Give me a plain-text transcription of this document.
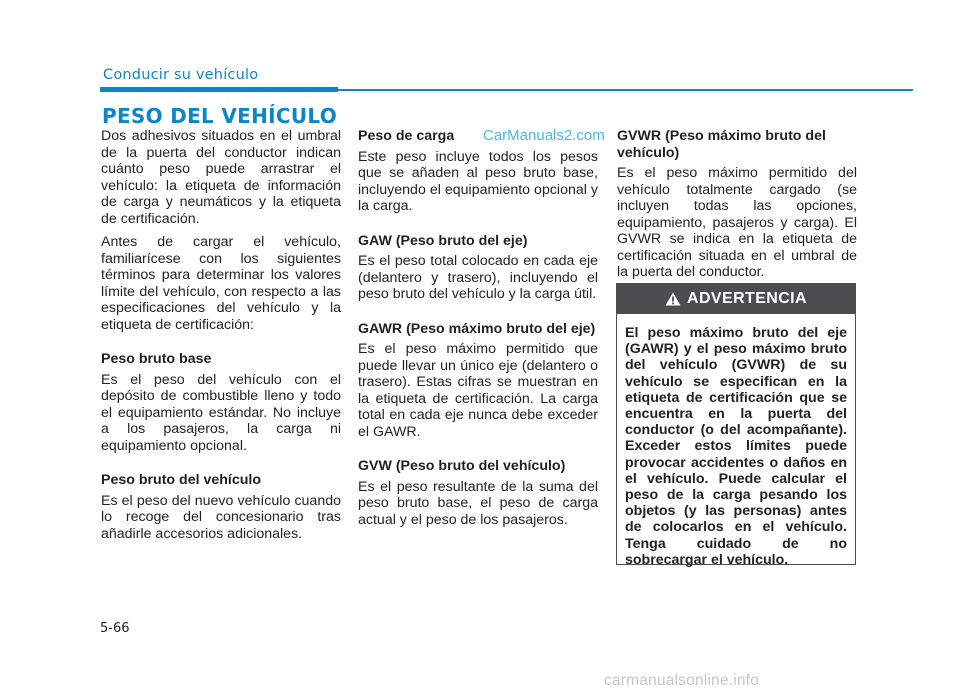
Conducir su vehículo
PESO DEL VEHÍCULO
CarManuals2.com

Dos adhesivos situados en el umbral de la puerta del conductor indican cuánto peso puede arrastrar el vehículo: la etiqueta de información de carga y neumáticos y la etiqueta de certificación.

Antes de cargar el vehículo, familiarícese con los siguientes términos para determinar los valores límite del vehículo, con respecto a las especificaciones del vehículo y la etiqueta de certificación:

Peso bruto base

Es el peso del vehículo con el depósito de combustible lleno y todo el equipamiento estándar. No incluye a los pasajeros, la carga ni equipamiento opcional.

Peso bruto del vehículo

Es el peso del nuevo vehículo cuando lo recoge del concesionario tras añadirle accesorios adicionales.

Peso de carga

Este peso incluye todos los pesos que se añaden al peso bruto base, incluyendo el equipamiento opcional y la carga.

GAW (Peso bruto del eje)

Es el peso total colocado en cada eje (delantero y trasero), incluyendo el peso bruto del vehículo y la carga útil.

GAWR (Peso máximo bruto del eje)

Es el peso máximo permitido que puede llevar un único eje (delantero o trasero). Estas cifras se muestran en la etiqueta de certificación. La carga total en cada eje nunca debe exceder el GAWR.

GVW (Peso bruto del vehículo)

Es el peso resultante de la suma del peso bruto base, el peso de carga actual y el peso de los pasajeros.

GVWR (Peso máximo bruto del vehículo)

Es el peso máximo permitido del vehículo totalmente cargado (se incluyen todas las opciones, equipamiento, pasajeros y carga). El GVWR se indica en la etiqueta de certificación situada en el umbral de la puerta del conductor.

ADVERTENCIA
El peso máximo bruto del eje (GAWR) y el peso máximo bruto del vehículo (GVWR) de su vehículo se especifican en la etiqueta de certificación que se encuentra en la puerta del conductor (o del acompañante). Exceder estos límites puede provocar accidentes o daños en el vehículo. Puede calcular el peso de la carga pesando los objetos (y las personas) antes de colocarlos en el vehículo. Tenga cuidado de no sobrecargar el vehículo.
5-66
carmanualsonline.info
